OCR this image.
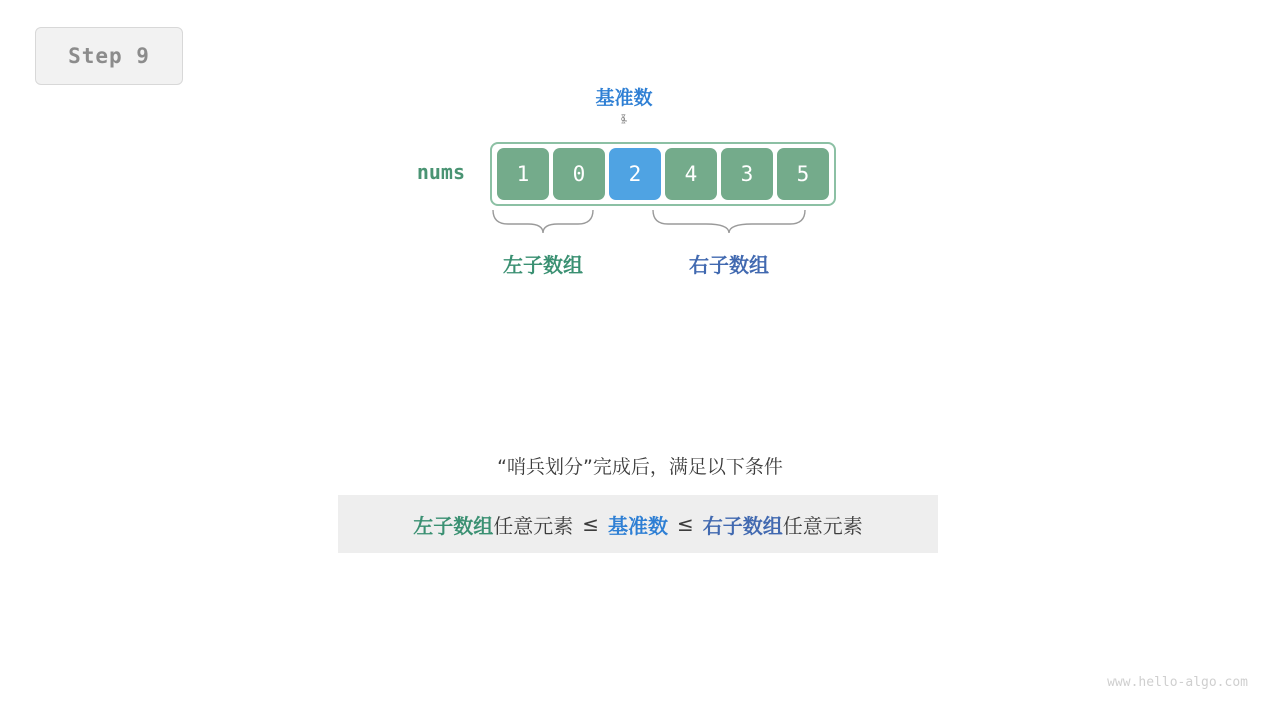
Step 9
基准数
ⱛ
nums	1	0	2	4	3	5
左子数组	右子数组
“哨兵划分”完成后，满足以下条件
左子数组 任意元素 ≤ 基准数 ≤ 右子数组 任意元素
www.hello-algo.com
